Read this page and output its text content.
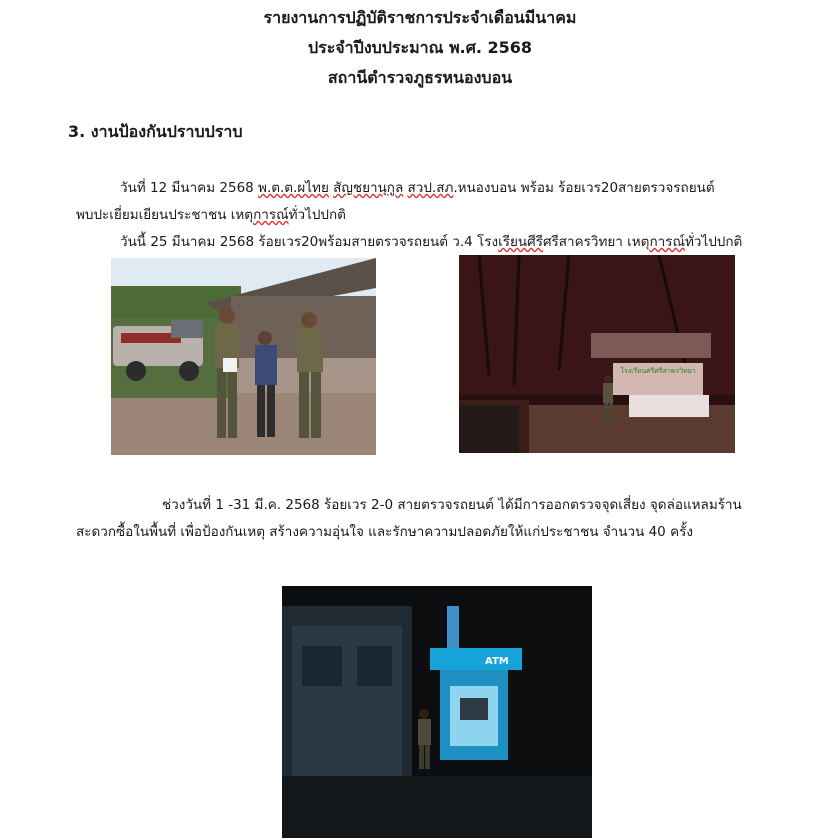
รายงานการปฏิบัติราชการประจำเดือนมีนาคม
ประจำปีงบประมาณ พ.ศ. 2568
สถานีตำรวจภูธรหนองบอน
3. งานป้องกันปราบปราบ
วันที่ 12 มีนาคม 2568 พ.ต.ต.ผไทย สัญชยานุกูล สวป.สภ.หนองบอน พร้อม ร้อยเวร20สายตรวจรถยนต์
พบปะเยี่ยมเยียนประชาชน เหตุการณ์ทั่วไปปกติ
วันนี้ 25 มีนาคม 2568 ร้อยเวร20พร้อมสายตรวจรถยนต์ ว.4 โรงเรียนศีรีศรีสาครวิทยา เหตุการณ์ทั่วไปปกติ
โรงเรียนศรีศรีสาครวิทยา
ช่วงวันที่ 1 -31 มี.ค. 2568 ร้อยเวร 2-0 สายตรวจรถยนต์ ได้มีการออกตรวจจุดเสี่ยง จุดล่อแหลมร้าน
สะดวกซื้อในพื้นที่ เพื่อป้องกันเหตุ สร้างความอุ่นใจ และรักษาความปลอดภัยให้แก่ประชาชน จำนวน 40 ครั้ง
ATM
